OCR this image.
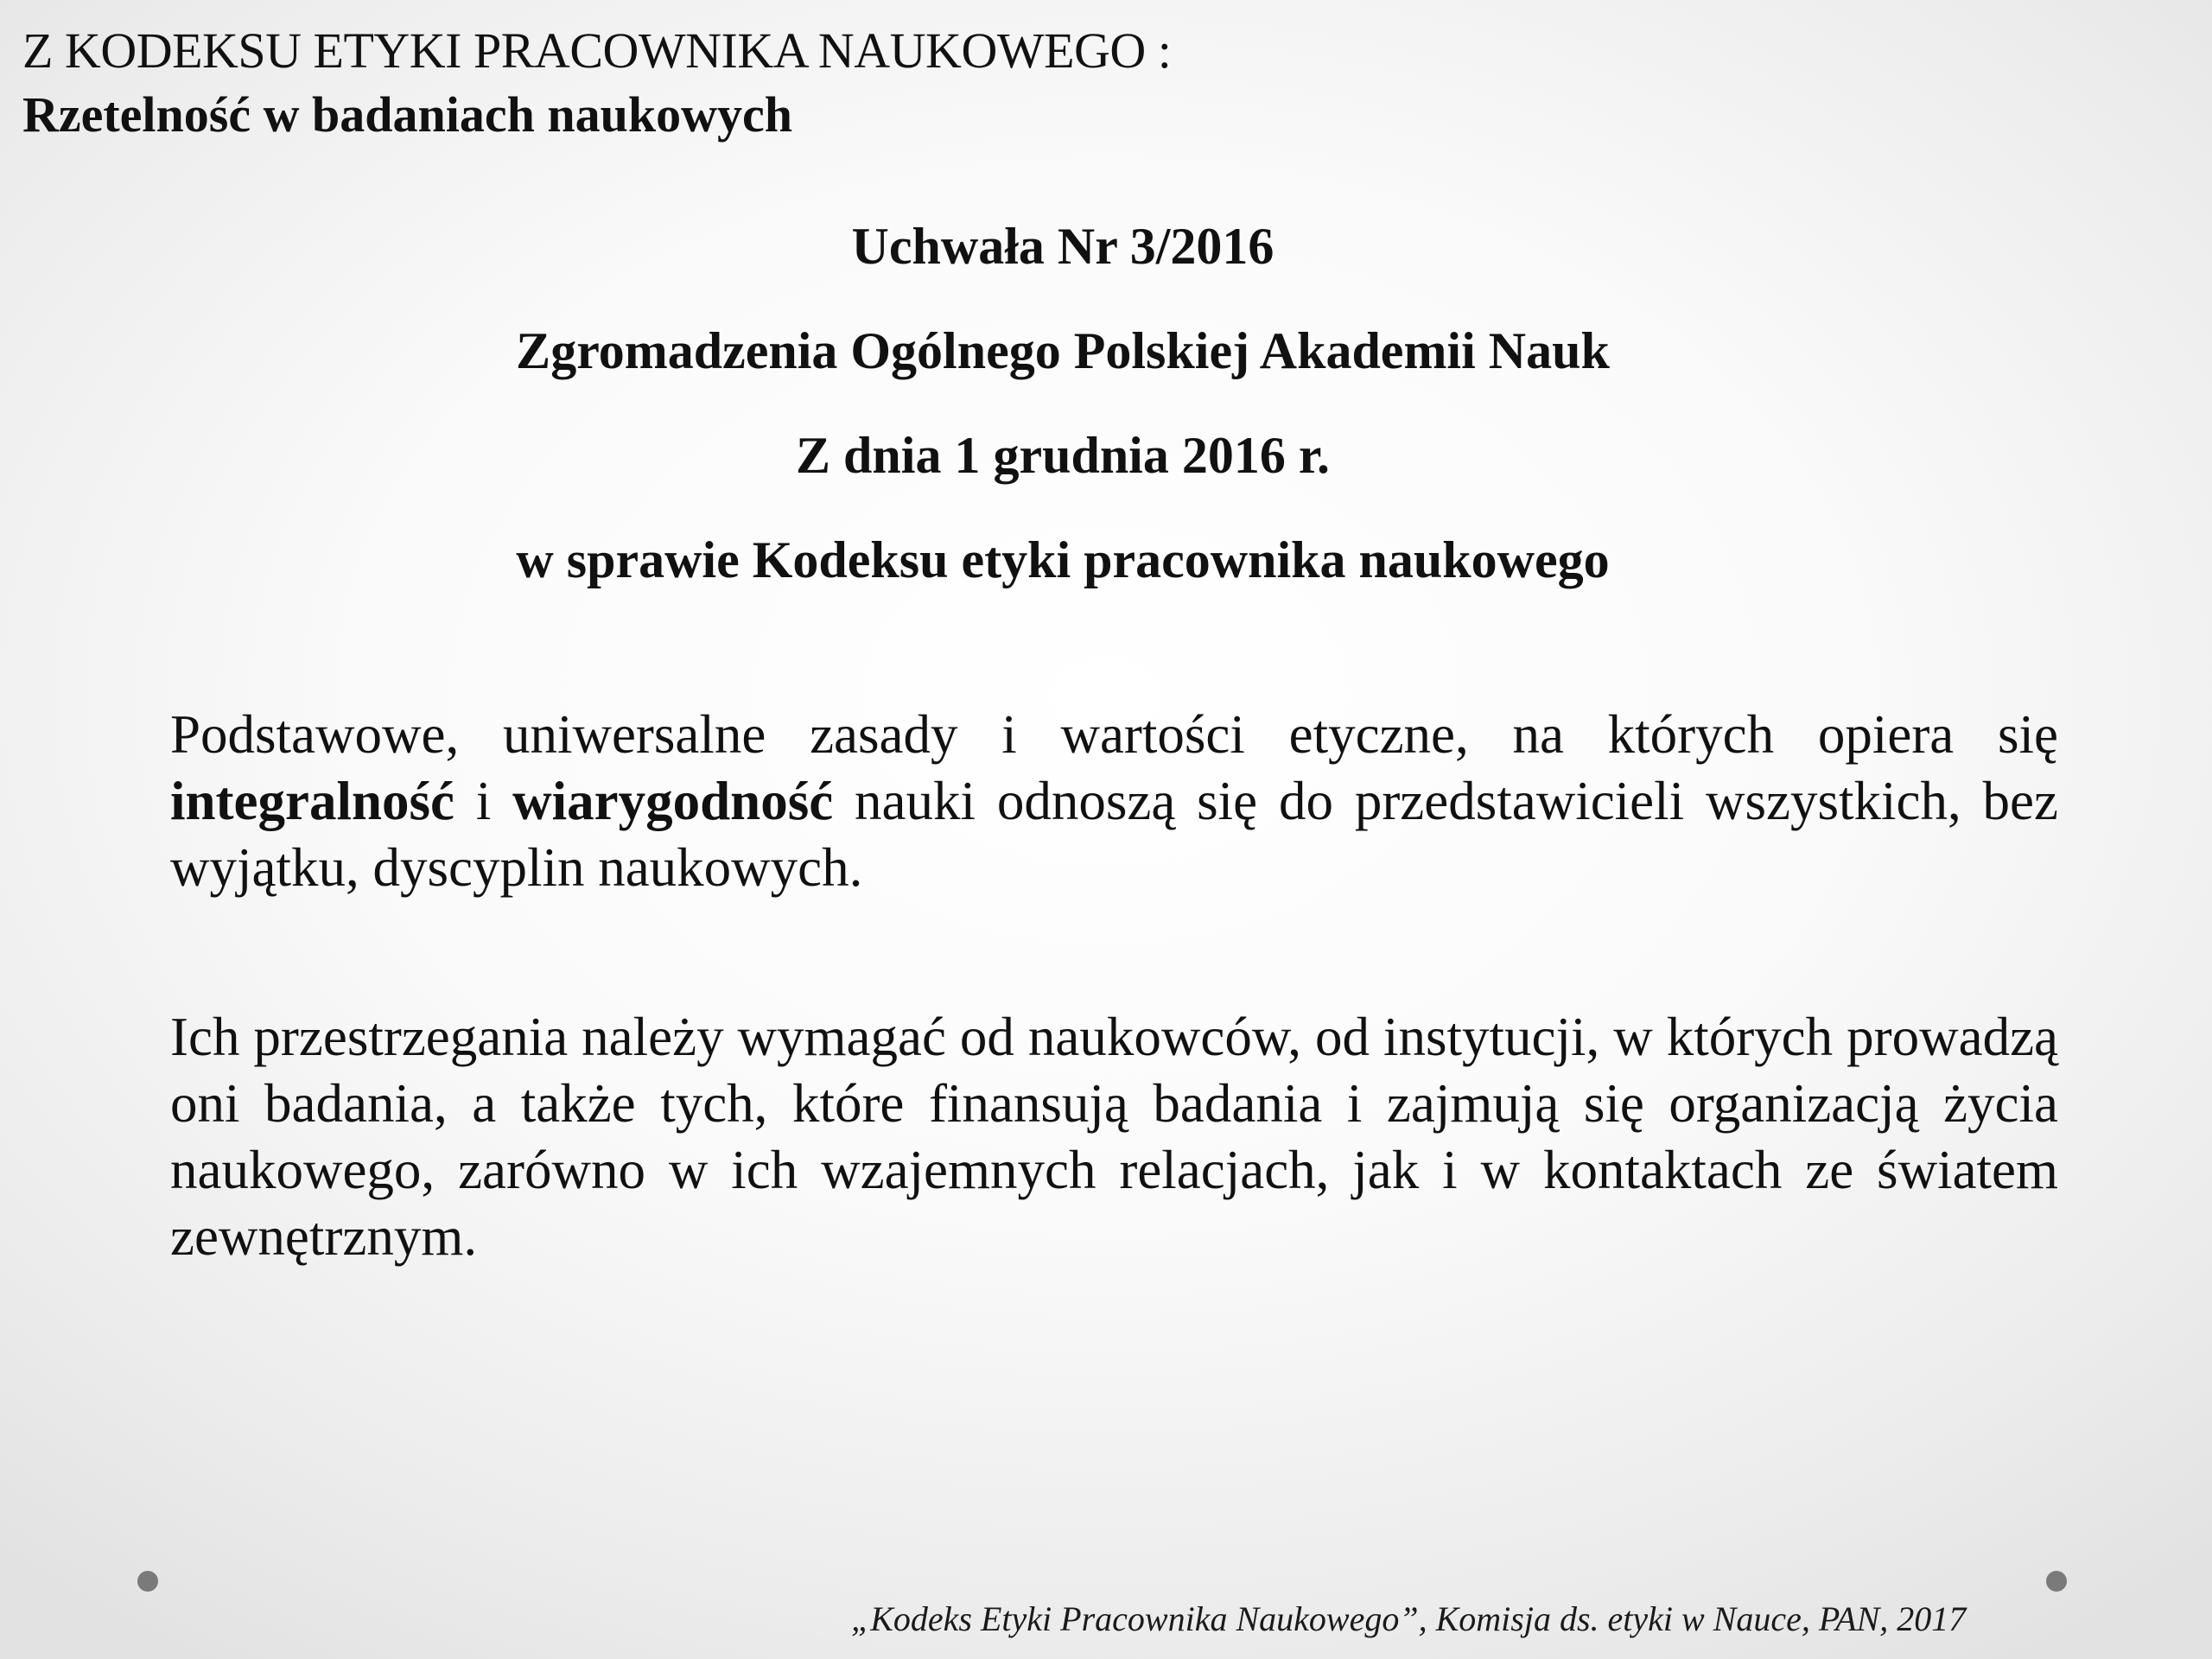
Z KODEKSU ETYKI PRACOWNIKA NAUKOWEGO :
Rzetelność w badaniach naukowych
Uchwała Nr 3/2016
Zgromadzenia Ogólnego Polskiej Akademii Nauk
Z dnia 1 grudnia 2016 r.
w sprawie Kodeksu etyki pracownika naukowego
Podstawowe, uniwersalne zasady i wartości etyczne, na których opiera się integralność i wiarygodność nauki odnoszą się do przedstawicieli wszystkich, bez wyjątku, dyscyplin naukowych.
Ich przestrzegania należy wymagać od naukowców, od instytucji, w których prowadzą oni badania, a także tych, które finansują badania i zajmują się organizacją życia naukowego, zarówno w ich wzajemnych relacjach, jak i w kontaktach ze światem zewnętrznym.
„Kodeks Etyki Pracownika Naukowego”, Komisja ds. etyki w Nauce, PAN, 2017
